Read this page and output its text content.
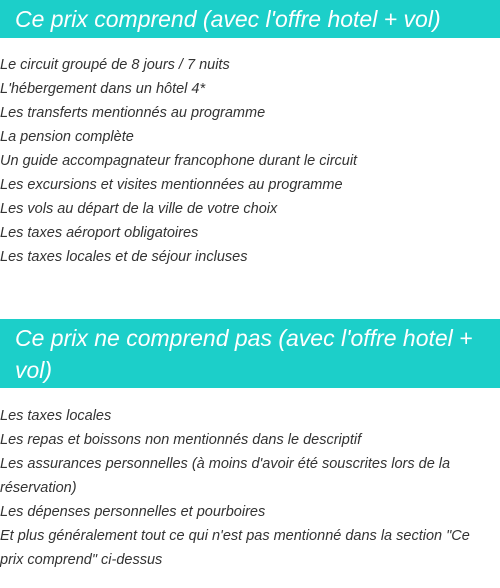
Ce prix comprend (avec l'offre hotel + vol)
Le circuit groupé de 8 jours / 7 nuits
L'hébergement dans un hôtel 4*
Les transferts mentionnés au programme
La pension complète
Un guide accompagnateur francophone durant le circuit
Les excursions et visites mentionnées au programme
Les vols au départ de la ville de votre choix
Les taxes aéroport obligatoires
Les taxes locales et de séjour incluses
Ce prix ne comprend pas (avec l'offre hotel + vol)
Les taxes locales
Les repas et boissons non mentionnés dans le descriptif
Les assurances personnelles (à moins d'avoir été souscrites lors de la réservation)
Les dépenses personnelles et pourboires
Et plus généralement tout ce qui n'est pas mentionné dans la section "Ce prix comprend" ci-dessus
